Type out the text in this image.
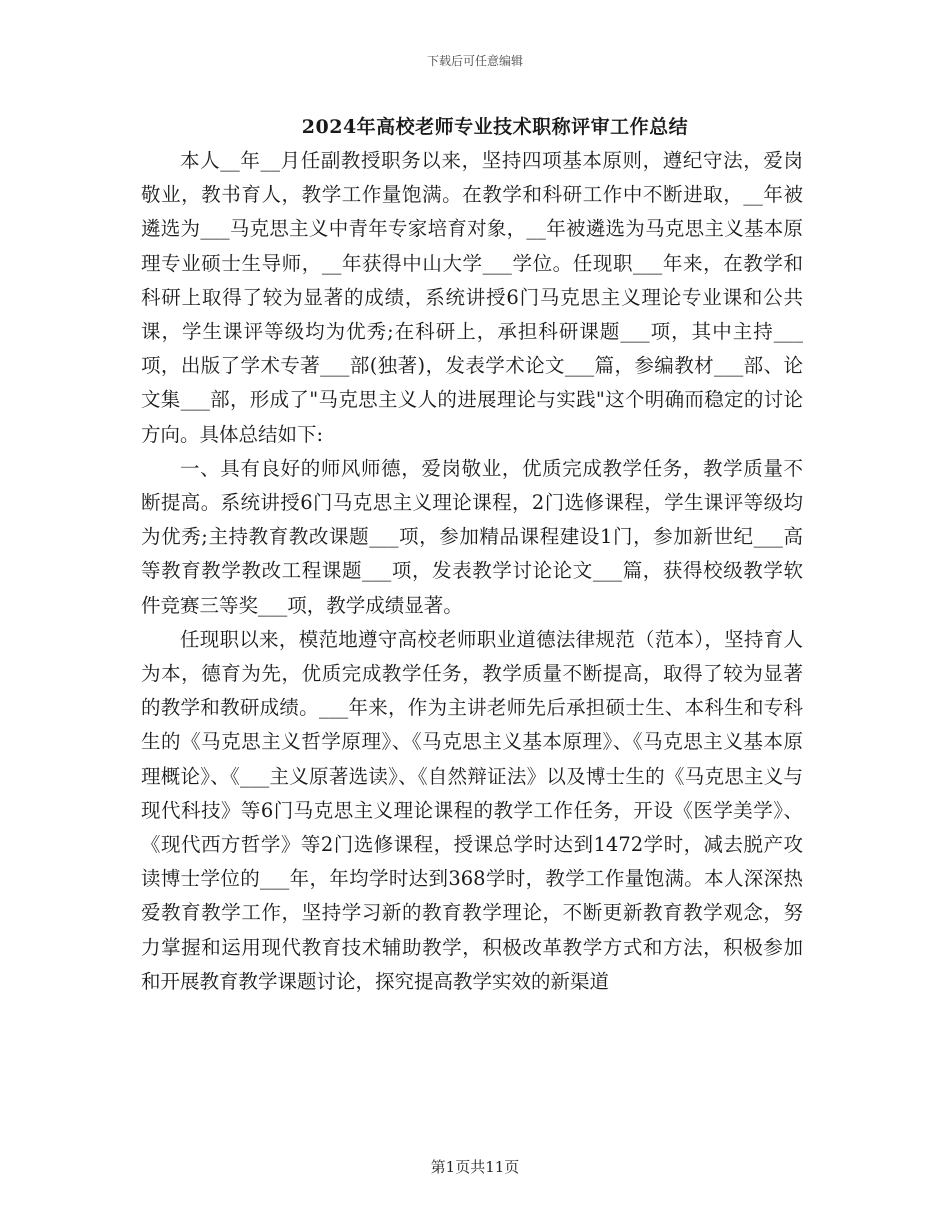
下载后可任意编辑
2024年高校老师专业技术职称评审工作总结

本人__年__月任副教授职务以来，坚持四项基本原则，遵纪守法，爱岗敬业，教书育人，教学工作量饱满。在教学和科研工作中不断进取，__年被遴选为___马克思主义中青年专家培育对象，__年被遴选为马克思主义基本原理专业硕士生导师，__年获得中山大学___学位。任现职___年来，在教学和科研上取得了较为显著的成绩，系统讲授6门马克思主义理论专业课和公共课，学生课评等级均为优秀;在科研上，承担科研课题___项，其中主持___项，出版了学术专著___部(独著)，发表学术论文___篇，参编教材___部、论文集___部，形成了"马克思主义人的进展理论与实践"这个明确而稳定的讨论方向。具体总结如下:

一、具有良好的师风师德，爱岗敬业，优质完成教学任务，教学质量不断提高。系统讲授6门马克思主义理论课程，2门选修课程，学生课评等级均为优秀;主持教育教改课题___项，参加精品课程建设1门，参加新世纪___高等教育教学教改工程课题___项，发表教学讨论论文___篇，获得校级教学软件竞赛三等奖___项，教学成绩显著。

任现职以来，模范地遵守高校老师职业道德法律规范（范本），坚持育人为本，德育为先，优质完成教学任务，教学质量不断提高，取得了较为显著的教学和教研成绩。___年来，作为主讲老师先后承担硕士生、本科生和专科生的《马克思主义哲学原理》、《马克思主义基本原理》、《马克思主义基本原理概论》、《___主义原著选读》、《自然辩证法》以及博士生的《马克思主义与现代科技》等6门马克思主义理论课程的教学工作任务，开设《医学美学》、《现代西方哲学》等2门选修课程，授课总学时达到1472学时，减去脱产攻读博士学位的___年，年均学时达到368学时，教学工作量饱满。本人深深热爱教育教学工作，坚持学习新的教育教学理论，不断更新教育教学观念，努力掌握和运用现代教育技术辅助教学，积极改革教学方式和方法，积极参加和开展教育教学课题讨论，探究提高教学实效的新渠道

第1页共11页
